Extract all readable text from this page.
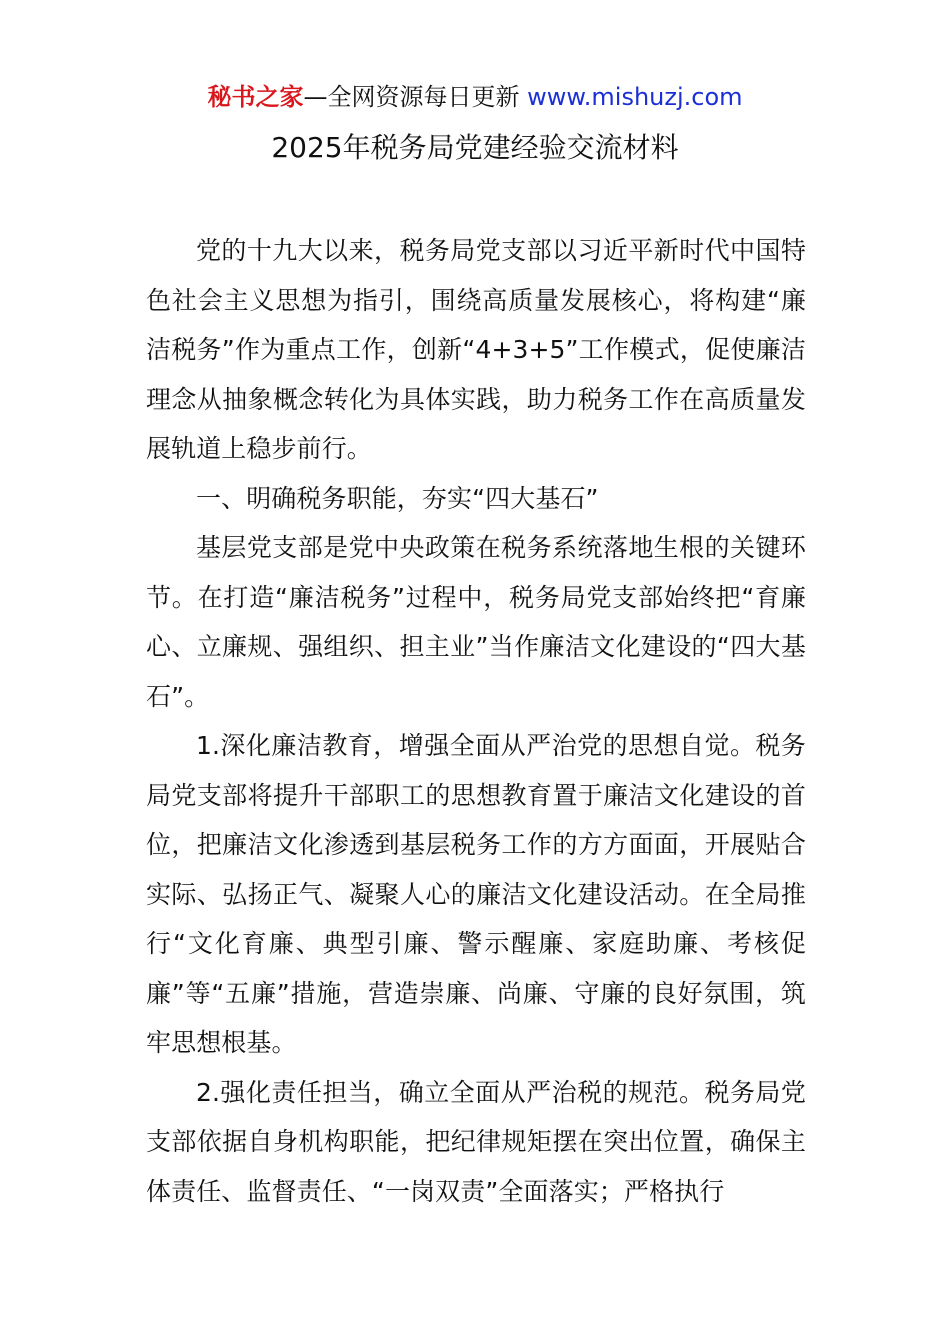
秘书之家—全网资源每日更新 www.mishuzj.com
2025年税务局党建经验交流材料

党的十九大以来，税务局党支部以习近平新时代中国特色社会主义思想为指引，围绕高质量发展核心，将构建“廉洁税务”作为重点工作，创新“4+3+5”工作模式，促使廉洁理念从抽象概念转化为具体实践，助力税务工作在高质量发展轨道上稳步前行。

一、明确税务职能，夯实“四大基石”

基层党支部是党中央政策在税务系统落地生根的关键环节。在打造“廉洁税务”过程中，税务局党支部始终把“育廉心、立廉规、强组织、担主业”当作廉洁文化建设的“四大基石”。

1.深化廉洁教育，增强全面从严治党的思想自觉。税务局党支部将提升干部职工的思想教育置于廉洁文化建设的首位，把廉洁文化渗透到基层税务工作的方方面面，开展贴合实际、弘扬正气、凝聚人心的廉洁文化建设活动。在全局推行“文化育廉、典型引廉、警示醒廉、家庭助廉、考核促廉”等“五廉”措施，营造崇廉、尚廉、守廉的良好氛围，筑牢思想根基。

2.强化责任担当，确立全面从严治税的规范。税务局党支部依据自身机构职能，把纪律规矩摆在突出位置，确保主体责任、监督责任、“一岗双责”全面落实；严格执行
